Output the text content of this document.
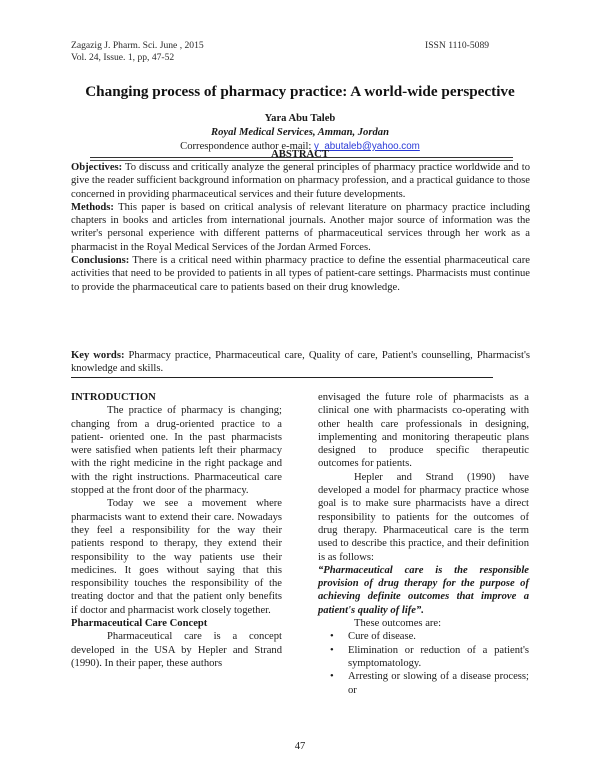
Zagazig J. Pharm. Sci. June , 2015
Vol. 24, Issue. 1, pp, 47-52
ISSN 1110-5089
Changing process of pharmacy practice: A world-wide perspective
Yara Abu Taleb
Royal Medical Services, Amman, Jordan
Correspondence author e-mail: y_abutaleb@yahoo.com
ABSTRACT

Objectives: To discuss and critically analyze the general principles of pharmacy practice worldwide and to give the reader sufficient background information on pharmacy profession, and a practical guidance to those concerned in providing pharmaceutical services and their future developments.

Methods: This paper is based on critical analysis of relevant literature on pharmacy practice including chapters in books and articles from international journals. Another major source of information was the writer's personal experience with different patterns of pharmaceutical services through her work as a pharmacist in the Royal Medical Services of the Jordan Armed Forces.

Conclusions: There is a critical need within pharmacy practice to define the essential pharmaceutical care activities that need to be provided to patients in all types of patient-care settings. Pharmacists must continue to provide the pharmaceutical care to patients based on their drug knowledge.

Key words: Pharmacy practice, Pharmaceutical care, Quality of care, Patient's counselling, Pharmacist's knowledge and skills.

INTRODUCTION

The practice of pharmacy is changing; changing from a drug-oriented practice to a patient- oriented one. In the past pharmacists were satisfied when patients left their pharmacy with the right medicine in the right package and with the right instructions. Pharmaceutical care stopped at the front door of the pharmacy.

Today we see a movement where pharmacists want to extend their care. Nowadays they feel a responsibility for the way their patients respond to therapy, they extend their responsibility to the way patients use their medicines. It goes without saying that this responsibility touches the responsibility of the treating doctor and that the patient only benefits if doctor and pharmacist work closely together.

Pharmaceutical Care Concept

Pharmaceutical care is a concept developed in the USA by Hepler and Strand (1990). In their paper, these authors

envisaged the future role of pharmacists as a clinical one with pharmacists co-operating with other health care professionals in designing, implementing and monitoring therapeutic plans designed to produce specific therapeutic outcomes for patients.

Hepler and Strand (1990) have developed a model for pharmacy practice whose goal is to make sure pharmacists have a direct responsibility to patients for the outcomes of drug therapy. Pharmaceutical care is the term used to describe this practice, and their definition is as follows:

“Pharmaceutical care is the responsible provision of drug therapy for the purpose of achieving definite outcomes that improve a patient's quality of life”.

These outcomes are:

• Cure of disease.
• Elimination or reduction of a patient's symptomatology.
• Arresting or slowing of a disease process; or
47
